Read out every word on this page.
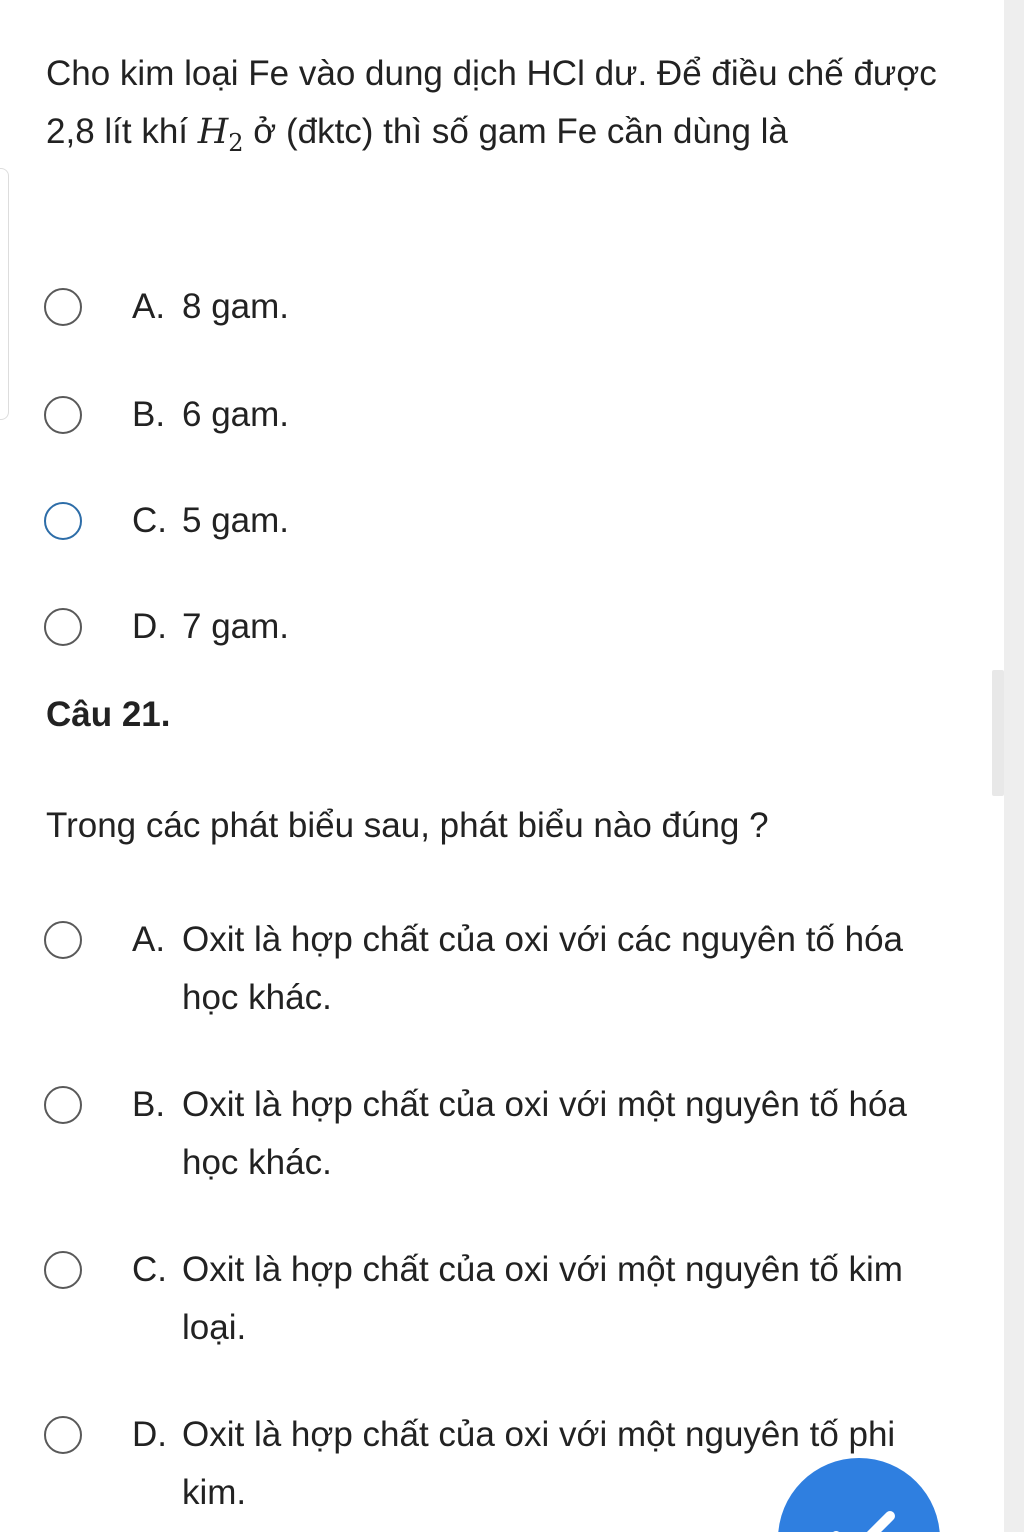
Cho kim loại Fe vào dung dịch HCl dư. Để điều chế được 2,8 lít khí $H_2$ ở (đktc) thì số gam Fe cần dùng là

A. 8 gam.
B. 6 gam.
C. 5 gam.
D. 7 gam.
Câu 21.

Trong các phát biểu sau, phát biểu nào đúng ?

A. Oxit là hợp chất của oxi với các nguyên tố hóa học khác.
B. Oxit là hợp chất của oxi với một nguyên tố hóa học khác.
C. Oxit là hợp chất của oxi với một nguyên tố kim loại.
D. Oxit là hợp chất của oxi với một nguyên tố phi kim.
